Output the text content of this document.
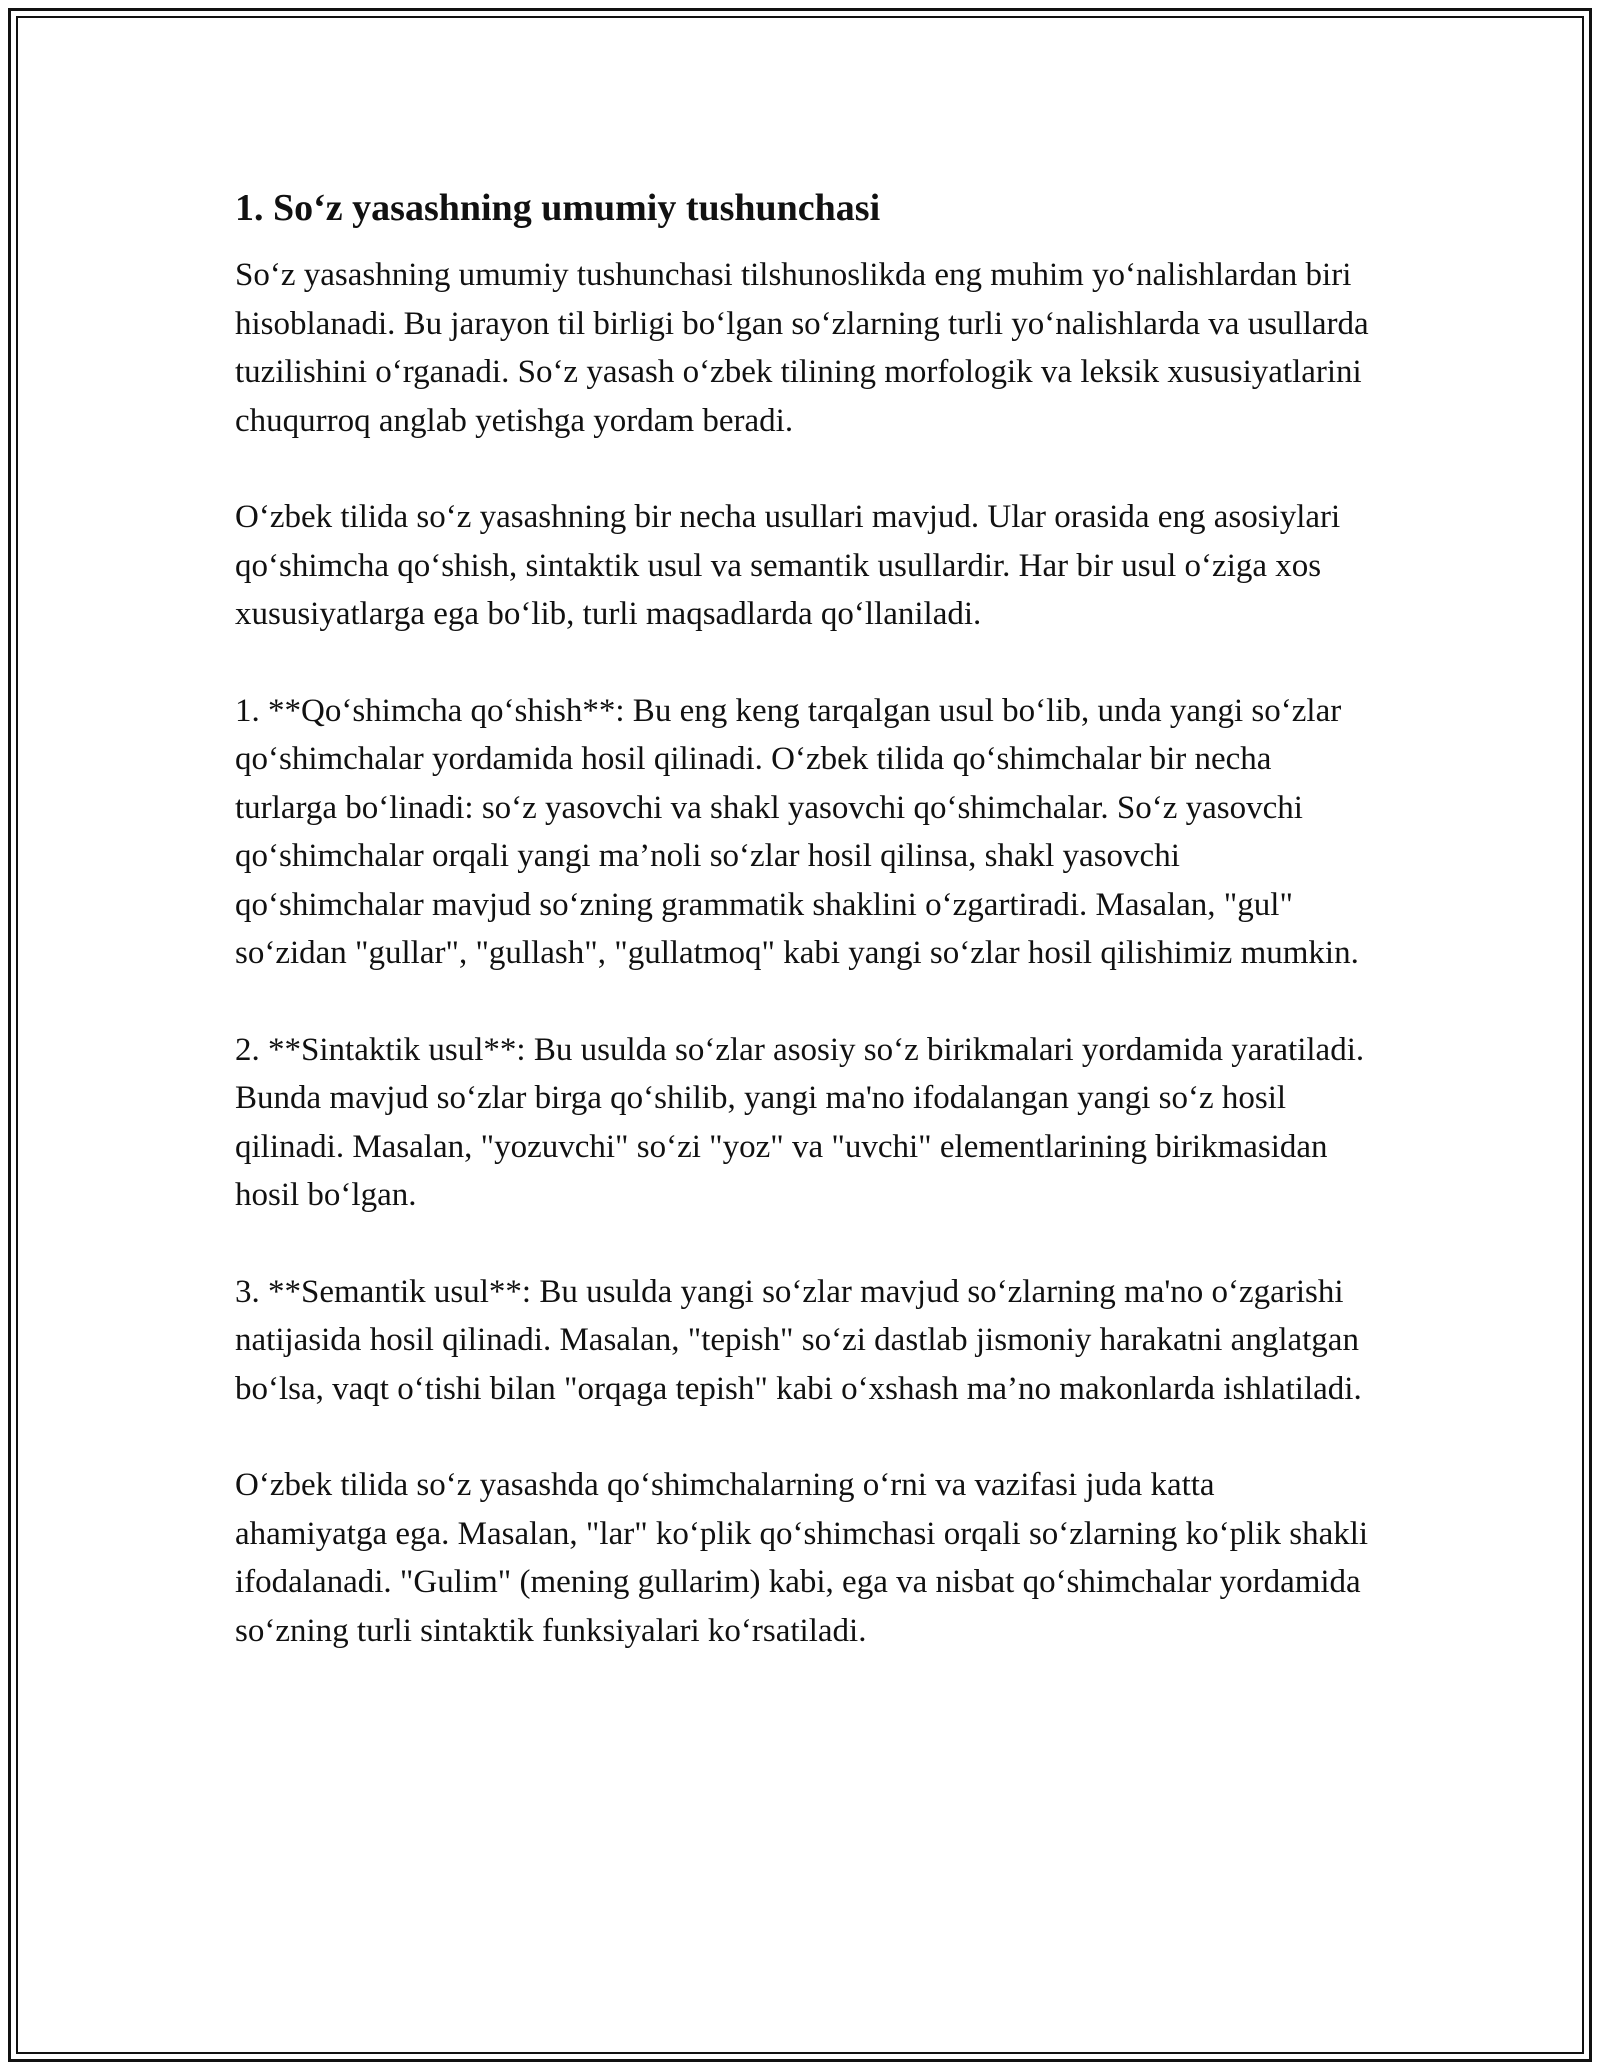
1. So‘z yasashning umumiy tushunchasi

So‘z yasashning umumiy tushunchasi tilshunoslikda eng muhim yo‘nalishlardan biri hisoblanadi. Bu jarayon til birligi bo‘lgan so‘zlarning turli yo‘nalishlarda va usullarda tuzilishini o‘rganadi. So‘z yasash o‘zbek tilining morfologik va leksik xususiyatlarini chuqurroq anglab yetishga yordam beradi.

O‘zbek tilida so‘z yasashning bir necha usullari mavjud. Ular orasida eng asosiylari qo‘shimcha qo‘shish, sintaktik usul va semantik usullardir. Har bir usul o‘ziga xos xususiyatlarga ega bo‘lib, turli maqsadlarda qo‘llaniladi.

1. **Qo‘shimcha qo‘shish**: Bu eng keng tarqalgan usul bo‘lib, unda yangi so‘zlar qo‘shimchalar yordamida hosil qilinadi. O‘zbek tilida qo‘shimchalar bir necha turlarga bo‘linadi: so‘z yasovchi va shakl yasovchi qo‘shimchalar. So‘z yasovchi qo‘shimchalar orqali yangi ma’noli so‘zlar hosil qilinsa, shakl yasovchi qo‘shimchalar mavjud so‘zning grammatik shaklini o‘zgartiradi. Masalan, "gul" so‘zidan "gullar", "gullash", "gullatmoq" kabi yangi so‘zlar hosil qilishimiz mumkin.

2. **Sintaktik usul**: Bu usulda so‘zlar asosiy so‘z birikmalari yordamida yaratiladi. Bunda mavjud so‘zlar birga qo‘shilib, yangi ma'no ifodalangan yangi so‘z hosil qilinadi. Masalan, "yozuvchi" so‘zi "yoz" va "uvchi" elementlarining birikmasidan hosil bo‘lgan.

3. **Semantik usul**: Bu usulda yangi so‘zlar mavjud so‘zlarning ma'no o‘zgarishi natijasida hosil qilinadi. Masalan, "tepish" so‘zi dastlab jismoniy harakatni anglatgan bo‘lsa, vaqt o‘tishi bilan "orqaga tepish" kabi o‘xshash ma’no makonlarda ishlatiladi.

O‘zbek tilida so‘z yasashda qo‘shimchalarning o‘rni va vazifasi juda katta ahamiyatga ega. Masalan, "lar" ko‘plik qo‘shimchasi orqali so‘zlarning ko‘plik shakli ifodalanadi. "Gulim" (mening gullarim) kabi, ega va nisbat qo‘shimchalar yordamida so‘zning turli sintaktik funksiyalari ko‘rsatiladi.
